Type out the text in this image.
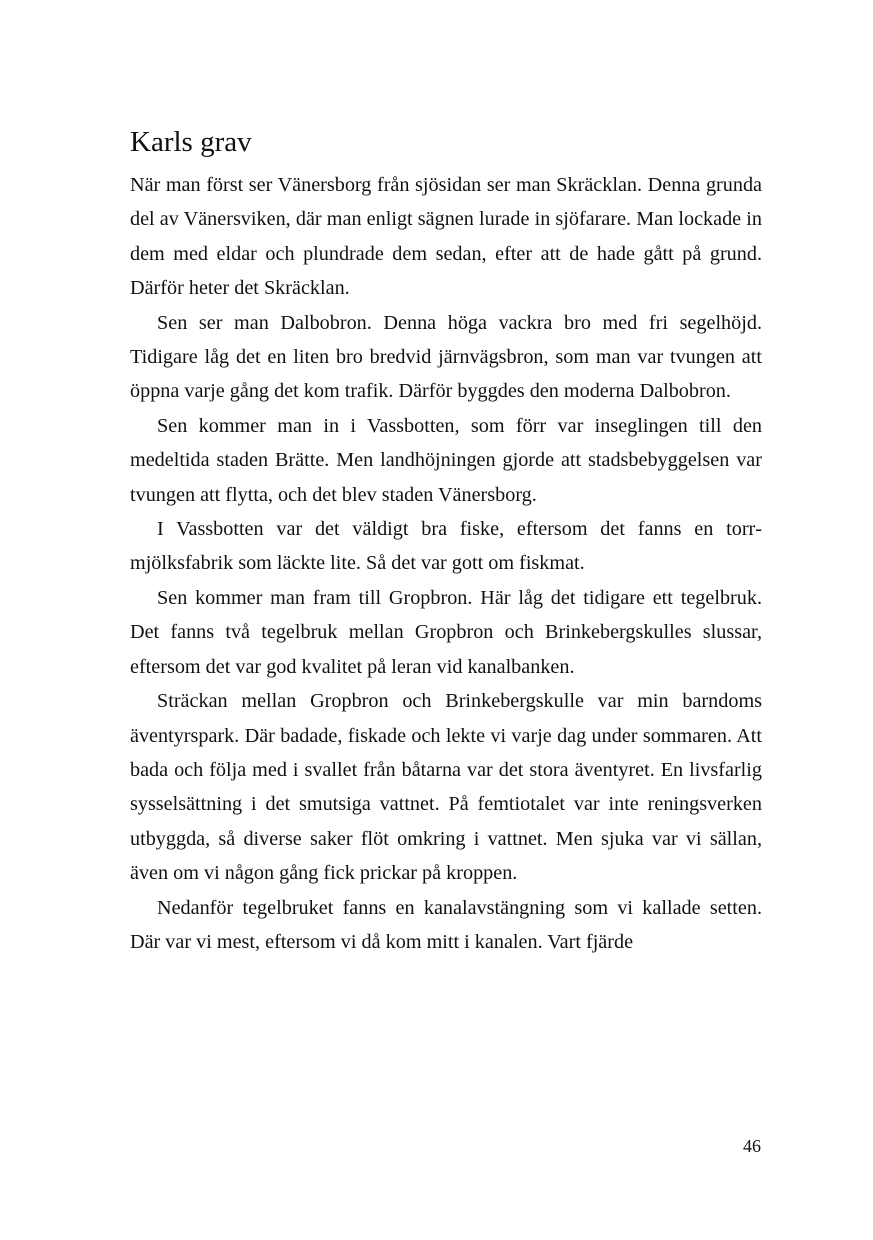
Karls grav

När man först ser Vänersborg från sjösidan ser man Skräcklan. Denna grunda del av Vänersviken, där man enligt sägnen lurade in sjöfarare. Man lockade in dem med eldar och plundrade dem sedan, efter att de hade gått på grund. Därför heter det Skräcklan.

Sen ser man Dalbobron. Denna höga vackra bro med fri segelhöjd. Tidigare låg det en liten bro bredvid järnvägsbron, som man var tvungen att öppna varje gång det kom trafik. Därför byggdes den moderna Dalbobron.

Sen kommer man in i Vassbotten, som förr var inseglingen till den medeltida staden Brätte. Men landhöjningen gjorde att stadsbebyggelsen var tvungen att flytta, och det blev staden Vänersborg.

I Vassbotten var det väldigt bra fiske, eftersom det fanns en torrmjölksfabrik som läckte lite. Så det var gott om fiskmat.

Sen kommer man fram till Gropbron. Här låg det tidigare ett tegelbruk. Det fanns två tegelbruk mellan Gropbron och Brinkebergskulles slussar, eftersom det var god kvalitet på leran vid kanalbanken.

Sträckan mellan Gropbron och Brinkebergskulle var min barndoms äventyrspark. Där badade, fiskade och lekte vi varje dag under sommaren. Att bada och följa med i svallet från båtarna var det stora äventyret. En livsfarlig sysselsättning i det smutsiga vattnet. På femtiotalet var inte reningsverken utbyggda, så diverse saker flöt omkring i vattnet. Men sjuka var vi sällan, även om vi någon gång fick prickar på kroppen.

Nedanför tegelbruket fanns en kanalavstängning som vi kallade setten. Där var vi mest, eftersom vi då kom mitt i kanalen. Vart fjärde

46
